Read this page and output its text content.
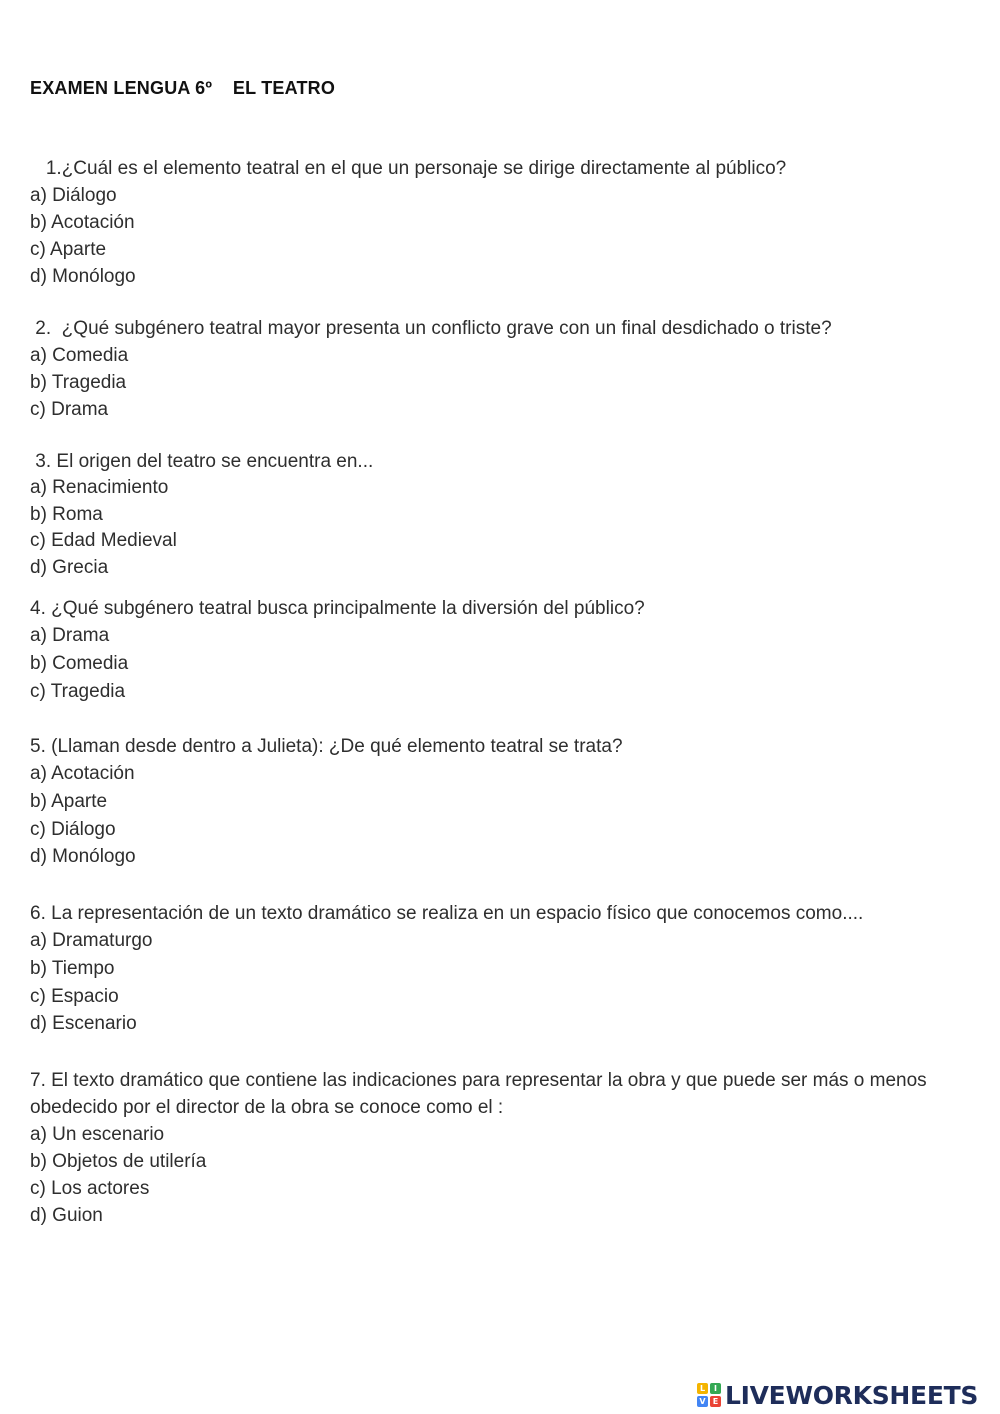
EXAMEN LENGUA 6º    EL TEATRO
1.¿Cuál es el elemento teatral en el que un personaje se dirige directamente al público?
a) Diálogo
b) Acotación
c) Aparte
d) Monólogo
2.  ¿Qué subgénero teatral mayor presenta un conflicto grave con un final desdichado o triste?
a) Comedia
b) Tragedia
c) Drama
3. El origen del teatro se encuentra en...
a) Renacimiento
b) Roma
c) Edad Medieval
d) Grecia
4. ¿Qué subgénero teatral busca principalmente la diversión del público?
a) Drama
b) Comedia
c) Tragedia
5. (Llaman desde dentro a Julieta): ¿De qué elemento teatral se trata?
a) Acotación
b) Aparte
c) Diálogo
d) Monólogo
6. La representación de un texto dramático se realiza en un espacio físico que conocemos como....
a) Dramaturgo
b) Tiempo
c) Espacio
d) Escenario
7. El texto dramático que contiene las indicaciones para representar la obra y que puede ser más o menos obedecido por el director de la obra se conoce como el :
a) Un escenario
b) Objetos de utilería
c) Los actores
d) Guion
L	I
V E LIVEWORKSHEETS
